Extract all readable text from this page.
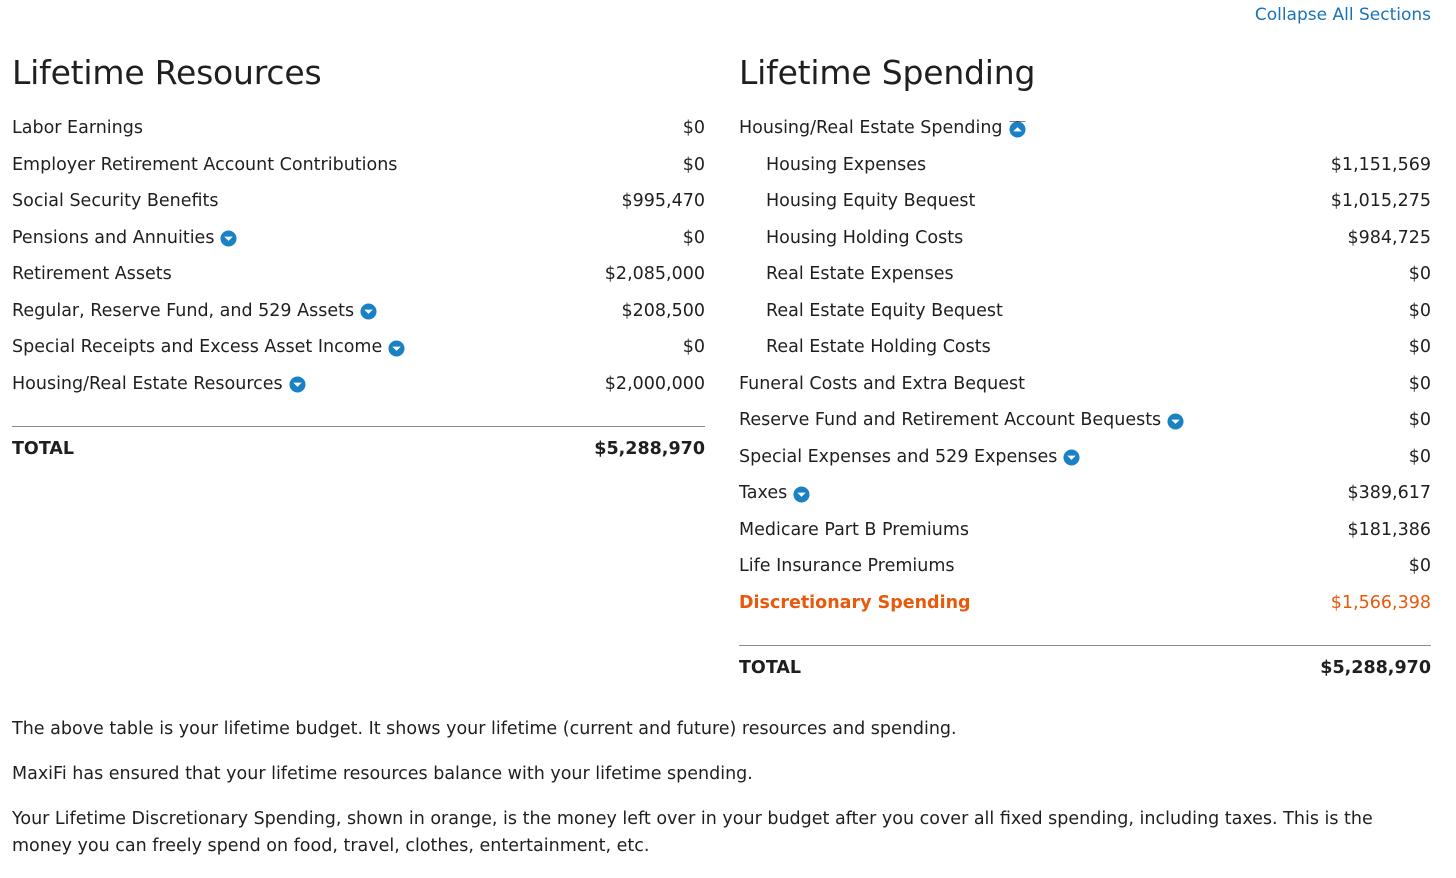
Collapse All Sections
Lifetime Resources
Labor Earnings	$0
Employer Retirement Account Contributions	$0
Social Security Benefits	$995,470
Pensions and Annuities	$0
Retirement Assets	$2,085,000
Regular, Reserve Fund, and 529 Assets	$208,500
Special Receipts and Excess Asset Income	$0
Housing/Real Estate Resources	$2,000,000
TOTAL	$5,288,970
Lifetime Spending
Housing/Real Estate Spending
Housing Expenses	$1,151,569
Housing Equity Bequest	$1,015,275
Housing Holding Costs	$984,725
Real Estate Expenses	$0
Real Estate Equity Bequest	$0
Real Estate Holding Costs	$0
Funeral Costs and Extra Bequest	$0
Reserve Fund and Retirement Account Bequests	$0
Special Expenses and 529 Expenses	$0
Taxes	$389,617
Medicare Part B Premiums	$181,386
Life Insurance Premiums	$0
Discretionary Spending	$1,566,398
TOTAL	$5,288,970

The above table is your lifetime budget. It shows your lifetime (current and future) resources and spending.

MaxiFi has ensured that your lifetime resources balance with your lifetime spending.

Your Lifetime Discretionary Spending, shown in orange, is the money left over in your budget after you cover all fixed spending, including taxes. This is the money you can freely spend on food, travel, clothes, entertainment, etc.
